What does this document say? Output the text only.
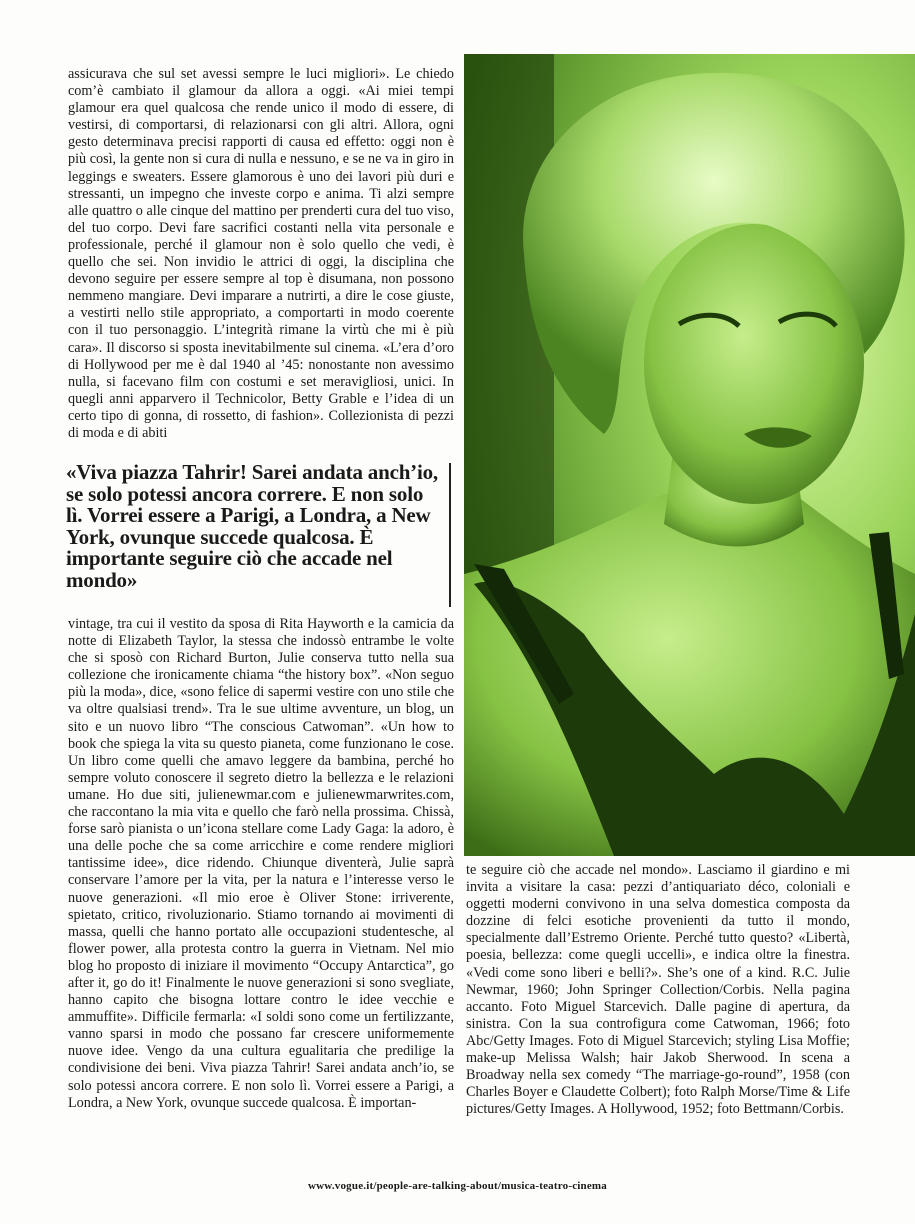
assicurava che sul set avessi sempre le luci migliori». Le chiedo com’è cambiato il glamour da allora a oggi. «Ai miei tempi glamour era quel qualcosa che rende unico il modo di essere, di vestirsi, di comportarsi, di relazionarsi con gli altri. Allora, ogni gesto determinava precisi rapporti di causa ed effetto: oggi non è più così, la gente non si cura di nulla e nessuno, e se ne va in giro in leggings e sweaters. Essere glamorous è uno dei lavori più duri e stressanti, un impegno che investe corpo e anima. Ti alzi sempre alle quattro o alle cinque del mattino per prenderti cura del tuo viso, del tuo corpo. Devi fare sacrifici costanti nella vita personale e professionale, perché il glamour non è solo quello che vedi, è quello che sei. Non invidio le attrici di oggi, la disciplina che devono seguire per essere sempre al top è disumana, non possono nemmeno mangiare. Devi imparare a nutrirti, a dire le cose giuste, a vestirti nello stile appropriato, a comportarti in modo coerente con il tuo personaggio. L’integrità rimane la virtù che mi è più cara». Il discorso si sposta inevitabilmente sul cinema. «L’era d’oro di Hollywood per me è dal 1940 al ’45: nonostante non avessimo nulla, si facevano film con costumi e set meravigliosi, unici. In quegli anni apparvero il Technicolor, Betty Grable e l’idea di un certo tipo di gonna, di rossetto, di fashion». Collezionista di pezzi di moda e di abiti

«Viva piazza Tahrir! Sarei andata anch’io, se solo potessi ancora correre. E non solo lì. Vorrei essere a Parigi, a Londra, a New York, ovunque succede qualcosa. È importante seguire ciò che accade nel mondo»

vintage, tra cui il vestito da sposa di Rita Hayworth e la camicia da notte di Elizabeth Taylor, la stessa che indossò entrambe le volte che si sposò con Richard Burton, Julie conserva tutto nella sua collezione che ironicamente chiama “the history box”. «Non seguo più la moda», dice, «sono felice di sapermi vestire con uno stile che va oltre qualsiasi trend». Tra le sue ultime avventure, un blog, un sito e un nuovo libro “The conscious Catwoman”. «Un how to book che spiega la vita su questo pianeta, come funzionano le cose. Un libro come quelli che amavo leggere da bambina, perché ho sempre voluto conoscere il segreto dietro la bellezza e le relazioni umane. Ho due siti, julienewmar.com e julienewmarwrites.com, che raccontano la mia vita e quello che farò nella prossima. Chissà, forse sarò pianista o un’icona stellare come Lady Gaga: la adoro, è una delle poche che sa come arricchire e come rendere migliori tantissime idee», dice ridendo. Chiunque diventerà, Julie saprà conservare l’amore per la vita, per la natura e l’interesse verso le nuove generazioni. «Il mio eroe è Oliver Stone: irriverente, spietato, critico, rivoluzionario. Stiamo tornando ai movimenti di massa, quelli che hanno portato alle occupazioni studentesche, al flower power, alla protesta contro la guerra in Vietnam. Nel mio blog ho proposto di iniziare il movimento “Occupy Antarctica”, go after it, go do it! Finalmente le nuove generazioni si sono svegliate, hanno capito che bisogna lottare contro le idee vecchie e ammuffite». Difficile fermarla: «I soldi sono come un fertilizzante, vanno sparsi in modo che possano far crescere uniformemente nuove idee. Vengo da una cultura egualitaria che predilige la condivisione dei beni. Viva piazza Tahrir! Sarei andata anch’io, se solo potessi ancora correre. E non solo lì. Vorrei essere a Parigi, a Londra, a New York, ovunque succede qualcosa. È importan-

te seguire ciò che accade nel mondo». Lasciamo il giardino e mi invita a visitare la casa: pezzi d’antiquariato déco, coloniali e oggetti moderni convivono in una selva domestica composta da dozzine di felci esotiche provenienti da tutto il mondo, specialmente dall’Estremo Oriente. Perché tutto questo? «Libertà, poesia, bellezza: come quegli uccelli», e indica oltre la finestra. «Vedi come sono liberi e belli?». She’s one of a kind. R.C. Julie Newmar, 1960; John Springer Collection/Corbis. Nella pagina accanto. Foto Miguel Starcevich. Dalle pagine di apertura, da sinistra. Con la sua controfigura come Catwoman, 1966; foto Abc/Getty Images. Foto di Miguel Starcevich; styling Lisa Moffie; make-up Melissa Walsh; hair Jakob Sherwood. In scena a Broadway nella sex comedy “The marriage-go-round”, 1958 (con Charles Boyer e Claudette Colbert); foto Ralph Morse/Time & Life pictures/Getty Images. A Hollywood, 1952; foto Bettmann/Corbis.

www.vogue.it/people-are-talking-about/musica-teatro-cinema
